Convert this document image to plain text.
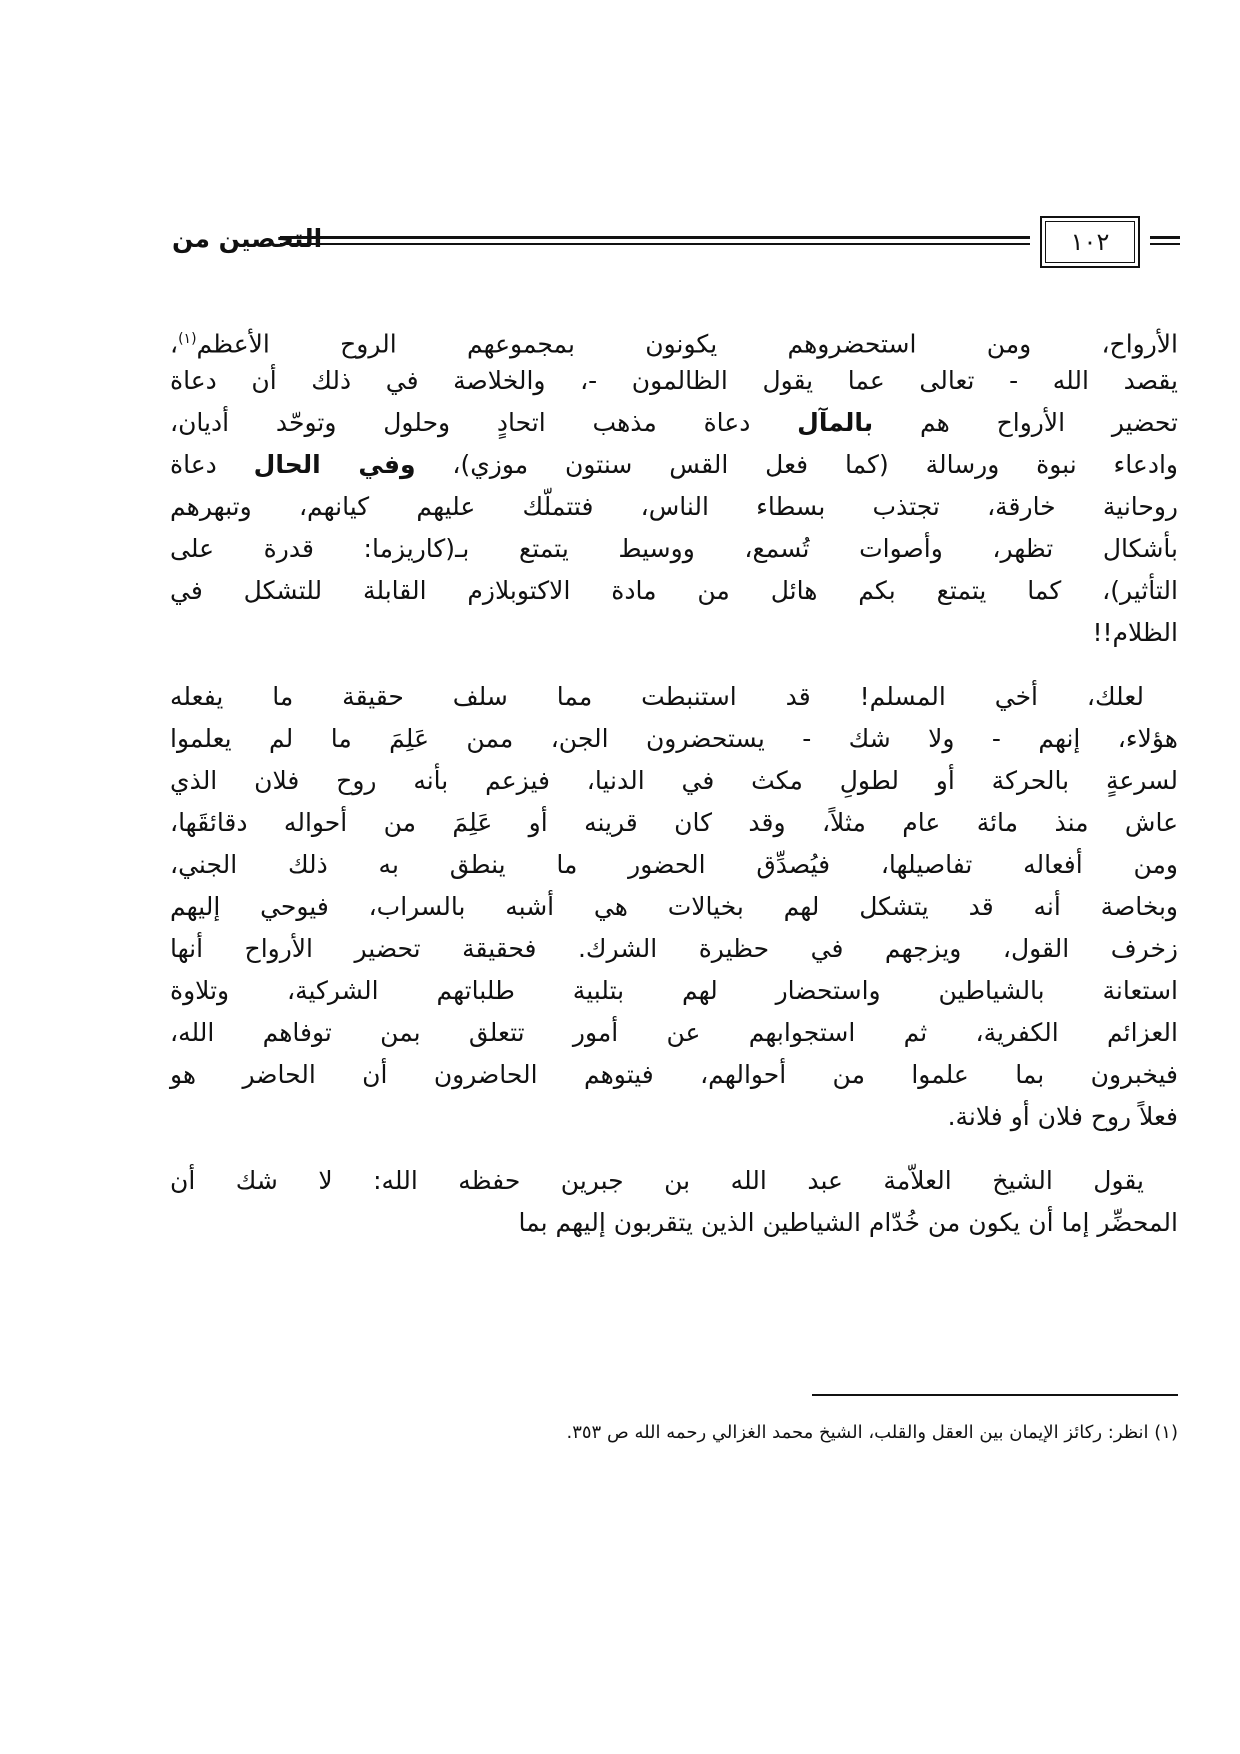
التحصين من	١٠٢
الأرواح، ومن استحضروهم يكونون بمجموعهم الروح الأعظم$^{(١)}$،
يقصد الله - تعالى عما يقول الظالمون -، والخلاصة في ذلك أن دعاة
تحضير الأرواح هم بالمآل دعاة مذهب اتحادٍ وحلول وتوحّد أديان،
وادعاء نبوة ورسالة (كما فعل القس سنتون موزي)، وفي الحال دعاة
روحانية خارقة، تجتذب بسطاء الناس، فتتملّك عليهم كيانهم، وتبهرهم
بأشكال تظهر، وأصوات تُسمع، ووسيط يتمتع بـ(كاريزما: قدرة على
التأثير)، كما يتمتع بكم هائل من مادة الاكتوبلازم القابلة للتشكل في
الظلام!!
لعلك، أخي المسلم! قد استنبطت مما سلف حقيقة ما يفعله
هؤلاء، إنهم - ولا شك - يستحضرون الجن، ممن عَلِمَ ما لم يعلموا
لسرعةٍ بالحركة أو لطولِ مكث في الدنيا، فيزعم بأنه روح فلان الذي
عاش منذ مائة عام مثلاً، وقد كان قرينه أو عَلِمَ من أحواله دقائقَها،
ومن أفعاله تفاصيلها، فيُصدِّق الحضور ما ينطق به ذلك الجني،
وبخاصة أنه قد يتشكل لهم بخيالات هي أشبه بالسراب، فيوحي إليهم
زخرف القول، ويزجهم في حظيرة الشرك. فحقيقة تحضير الأرواح أنها
استعانة بالشياطين واستحضار لهم بتلبية طلباتهم الشركية، وتلاوة
العزائم الكفرية، ثم استجوابهم عن أمور تتعلق بمن توفاهم الله،
فيخبرون بما علموا من أحوالهم، فيتوهم الحاضرون أن الحاضر هو
فعلاً روح فلان أو فلانة.
يقول الشيخ العلاّمة عبد الله بن جبرين حفظه الله: لا شك أن
المحضِّر إما أن يكون من خُدّام الشياطين الذين يتقربون إليهم بما
(١) انظر: ركائز الإيمان بين العقل والقلب، الشيخ محمد الغزالي رحمه الله ص ٣٥٣.
